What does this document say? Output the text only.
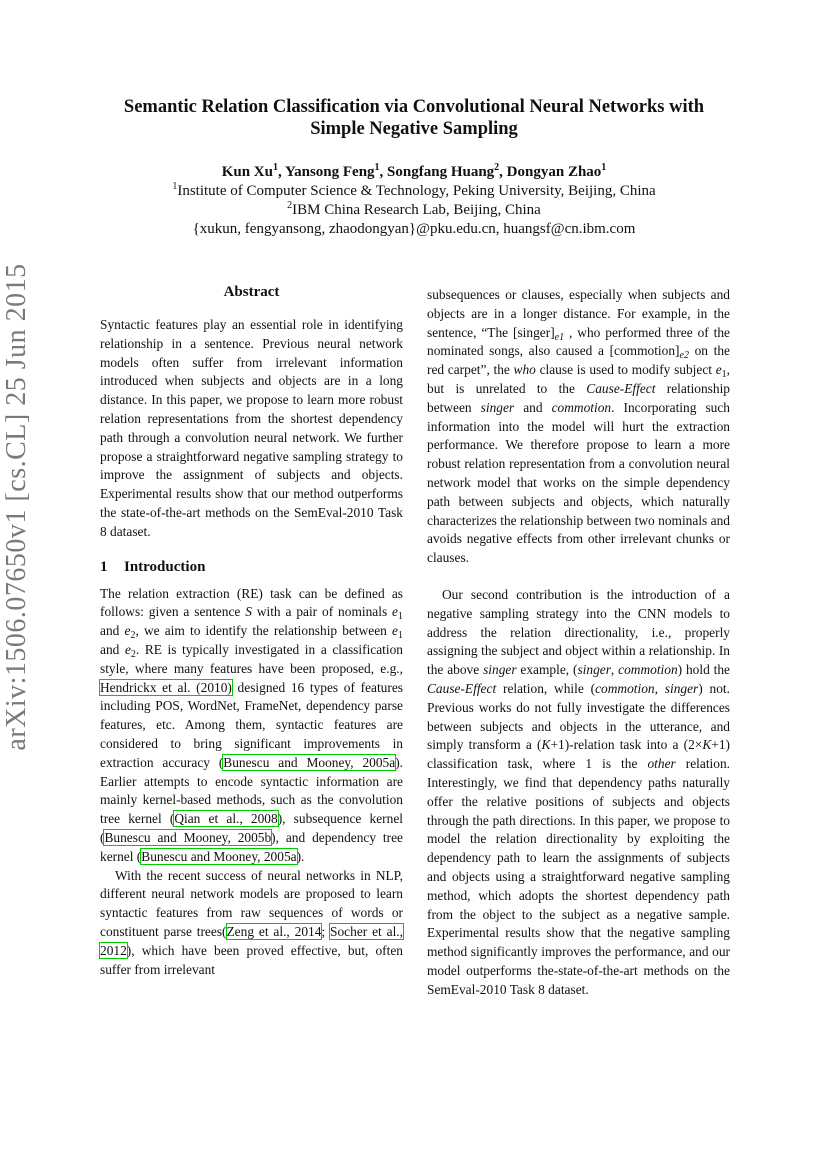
arXiv:1506.07650v1 [cs.CL] 25 Jun 2015
Semantic Relation Classification via Convolutional Neural Networks with
Simple Negative Sampling
Kun Xu$^1$, Yansong Feng$^1$, Songfang Huang$^2$, Dongyan Zhao$^1$
$^1$Institute of Computer Science & Technology, Peking University, Beijing, China
$^2$IBM China Research Lab, Beijing, China
{xukun, fengyansong, zhaodongyan}@pku.edu.cn, huangsf@cn.ibm.com
Abstract

Syntactic features play an essential role in identifying relationship in a sentence. Previous neural network models often suffer from irrelevant information introduced when subjects and objects are in a long distance. In this paper, we propose to learn more robust relation representations from the shortest dependency path through a convolution neural network. We further propose a straightforward negative sampling strategy to improve the assignment of subjects and objects. Experimental results show that our method outperforms the state-of-the-art methods on the SemEval-2010 Task 8 dataset.

1 Introduction

The relation extraction (RE) task can be defined as follows: given a sentence S with a pair of nominals $e_1$ and $e_2$, we aim to identify the relationship between $e_1$ and $e_2$. RE is typically investigated in a classification style, where many features have been proposed, e.g., Hendrickx et al. (2010) designed 16 types of features including POS, WordNet, FrameNet, dependency parse features, etc. Among them, syntactic features are considered to bring significant improvements in extraction accuracy (Bunescu and Mooney, 2005a). Earlier attempts to encode syntactic information are mainly kernel-based methods, such as the convolution tree kernel (Qian et al., 2008), subsequence kernel (Bunescu and Mooney, 2005b), and dependency tree kernel (Bunescu and Mooney, 2005a).

With the recent success of neural networks in NLP, different neural network models are proposed to learn syntactic features from raw sequences of words or constituent parse trees(Zeng et al., 2014; Socher et al., 2012), which have been proved effective, but, often suffer from irrelevant

subsequences or clauses, especially when subjects and objects are in a longer distance. For example, in the sentence, “The $[singer]_{e1}$ , who performed three of the nominated songs, also caused a $[commotion]_{e2}$ on the red carpet”, the who clause is used to modify subject $e_1$, but is unrelated to the Cause-Effect relationship between singer and commotion. Incorporating such information into the model will hurt the extraction performance. We therefore propose to learn a more robust relation representation from a convolution neural network model that works on the simple dependency path between subjects and objects, which naturally characterizes the relationship between two nominals and avoids negative effects from other irrelevant chunks or clauses.

Our second contribution is the introduction of a negative sampling strategy into the CNN models to address the relation directionality, i.e., properly assigning the subject and object within a relationship. In the above singer example, (singer, commotion) hold the Cause-Effect relation, while (commotion, singer) not. Previous works do not fully investigate the differences between subjects and objects in the utterance, and simply transform a (K+1)-relation task into a (2×K+1) classification task, where 1 is the other relation. Interestingly, we find that dependency paths naturally offer the relative positions of subjects and objects through the path directions. In this paper, we propose to model the relation directionality by exploiting the dependency path to learn the assignments of subjects and objects using a straightforward negative sampling method, which adopts the shortest dependency path from the object to the subject as a negative sample. Experimental results show that the negative sampling method significantly improves the performance, and our model outperforms the-state-of-the-art methods on the SemEval-2010 Task 8 dataset.
